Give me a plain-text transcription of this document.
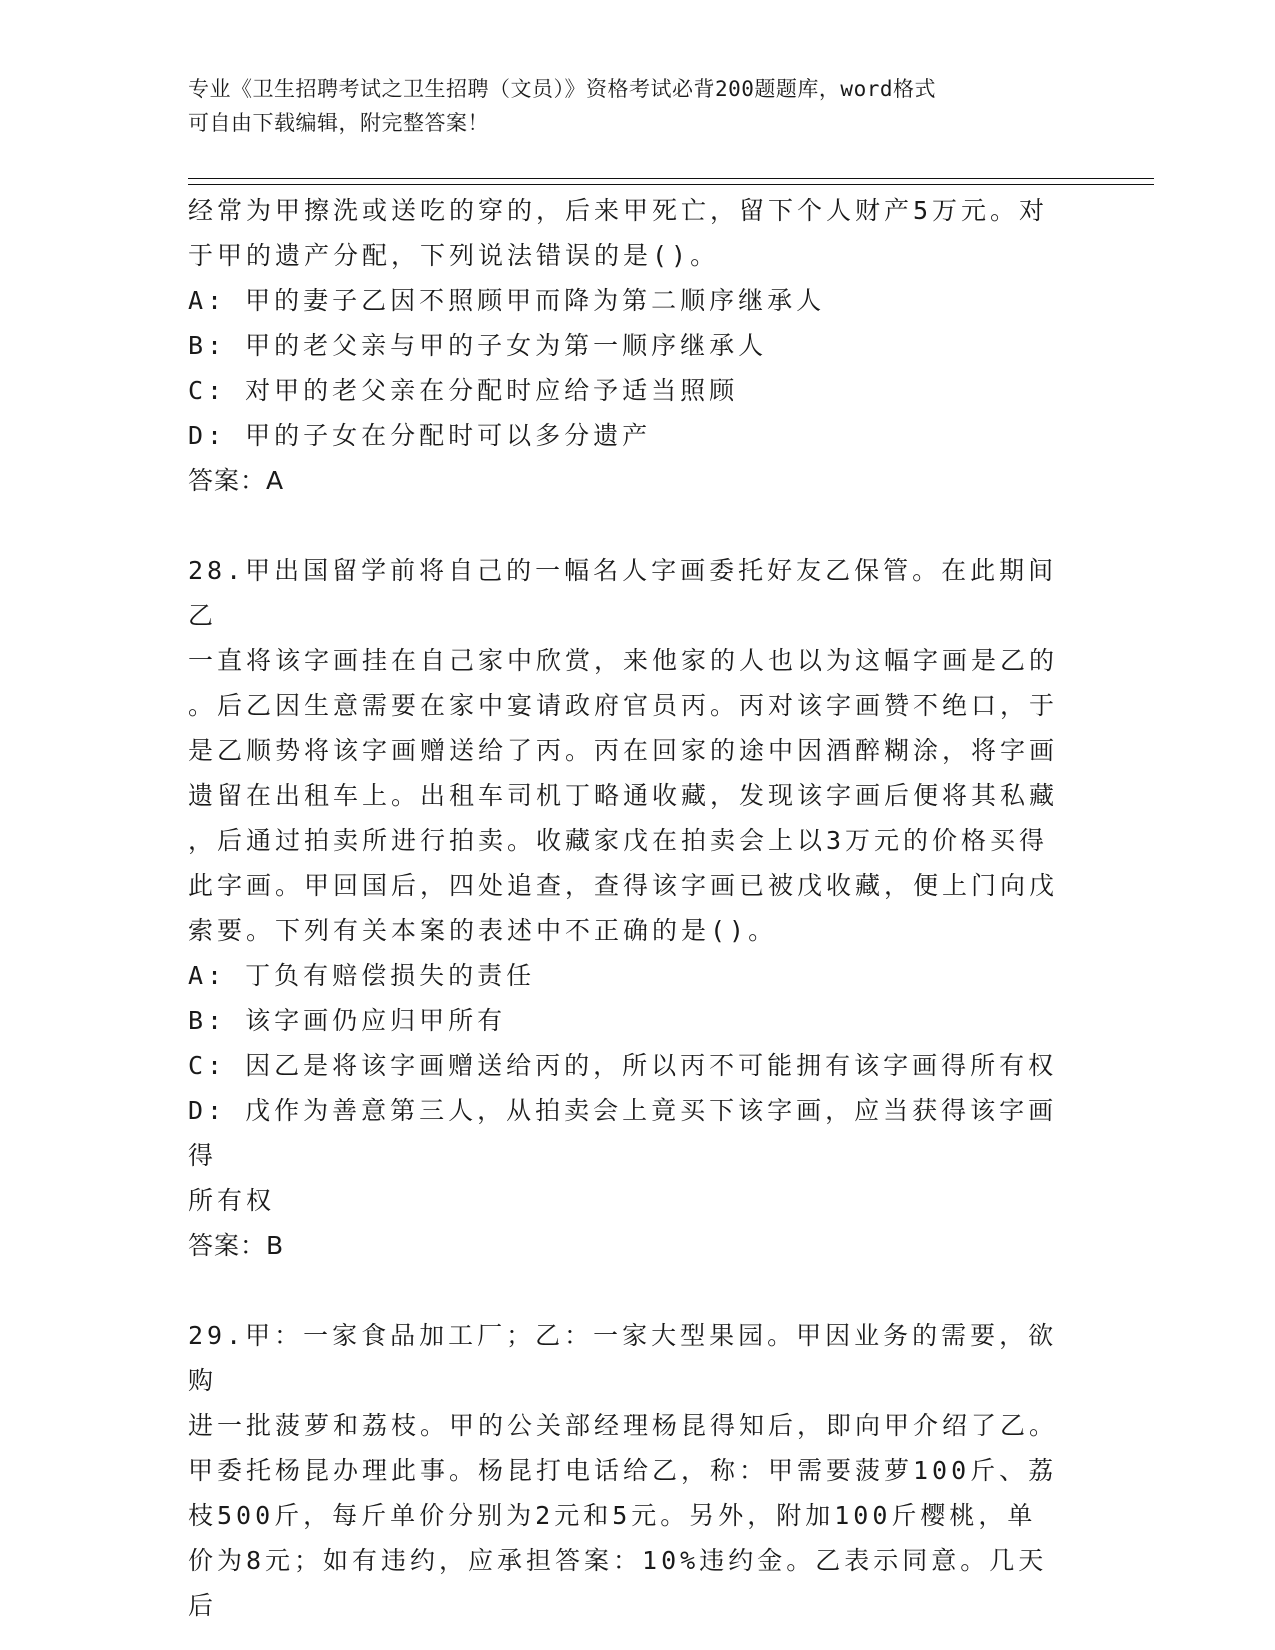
专业《卫生招聘考试之卫生招聘（文员）》资格考试必背200题题库，word格式
可自由下载编辑，附完整答案！

经常为甲擦洗或送吃的穿的，后来甲死亡，留下个人财产5万元。对

于甲的遗产分配，下列说法错误的是()。

A: 甲的妻子乙因不照顾甲而降为第二顺序继承人

B: 甲的老父亲与甲的子女为第一顺序继承人

C: 对甲的老父亲在分配时应给予适当照顾

D: 甲的子女在分配时可以多分遗产

答案：A

28.甲出国留学前将自己的一幅名人字画委托好友乙保管。在此期间乙

一直将该字画挂在自己家中欣赏，来他家的人也以为这幅字画是乙的

。后乙因生意需要在家中宴请政府官员丙。丙对该字画赞不绝口，于

是乙顺势将该字画赠送给了丙。丙在回家的途中因酒醉糊涂，将字画

遗留在出租车上。出租车司机丁略通收藏，发现该字画后便将其私藏

，后通过拍卖所进行拍卖。收藏家戊在拍卖会上以3万元的价格买得

此字画。甲回国后，四处追查，查得该字画已被戊收藏，便上门向戊

索要。下列有关本案的表述中不正确的是()。

A: 丁负有赔偿损失的责任

B: 该字画仍应归甲所有

C: 因乙是将该字画赠送给丙的，所以丙不可能拥有该字画得所有权

D: 戊作为善意第三人，从拍卖会上竟买下该字画，应当获得该字画得

所有权

答案：B

29.甲：一家食品加工厂；乙：一家大型果园。甲因业务的需要，欲购

进一批菠萝和荔枝。甲的公关部经理杨昆得知后，即向甲介绍了乙。

甲委托杨昆办理此事。杨昆打电话给乙，称：甲需要菠萝100斤、荔

枝500斤，每斤单价分别为2元和5元。另外，附加100斤樱桃，单

价为8元；如有违约，应承担答案：10%违约金。乙表示同意。几天后
